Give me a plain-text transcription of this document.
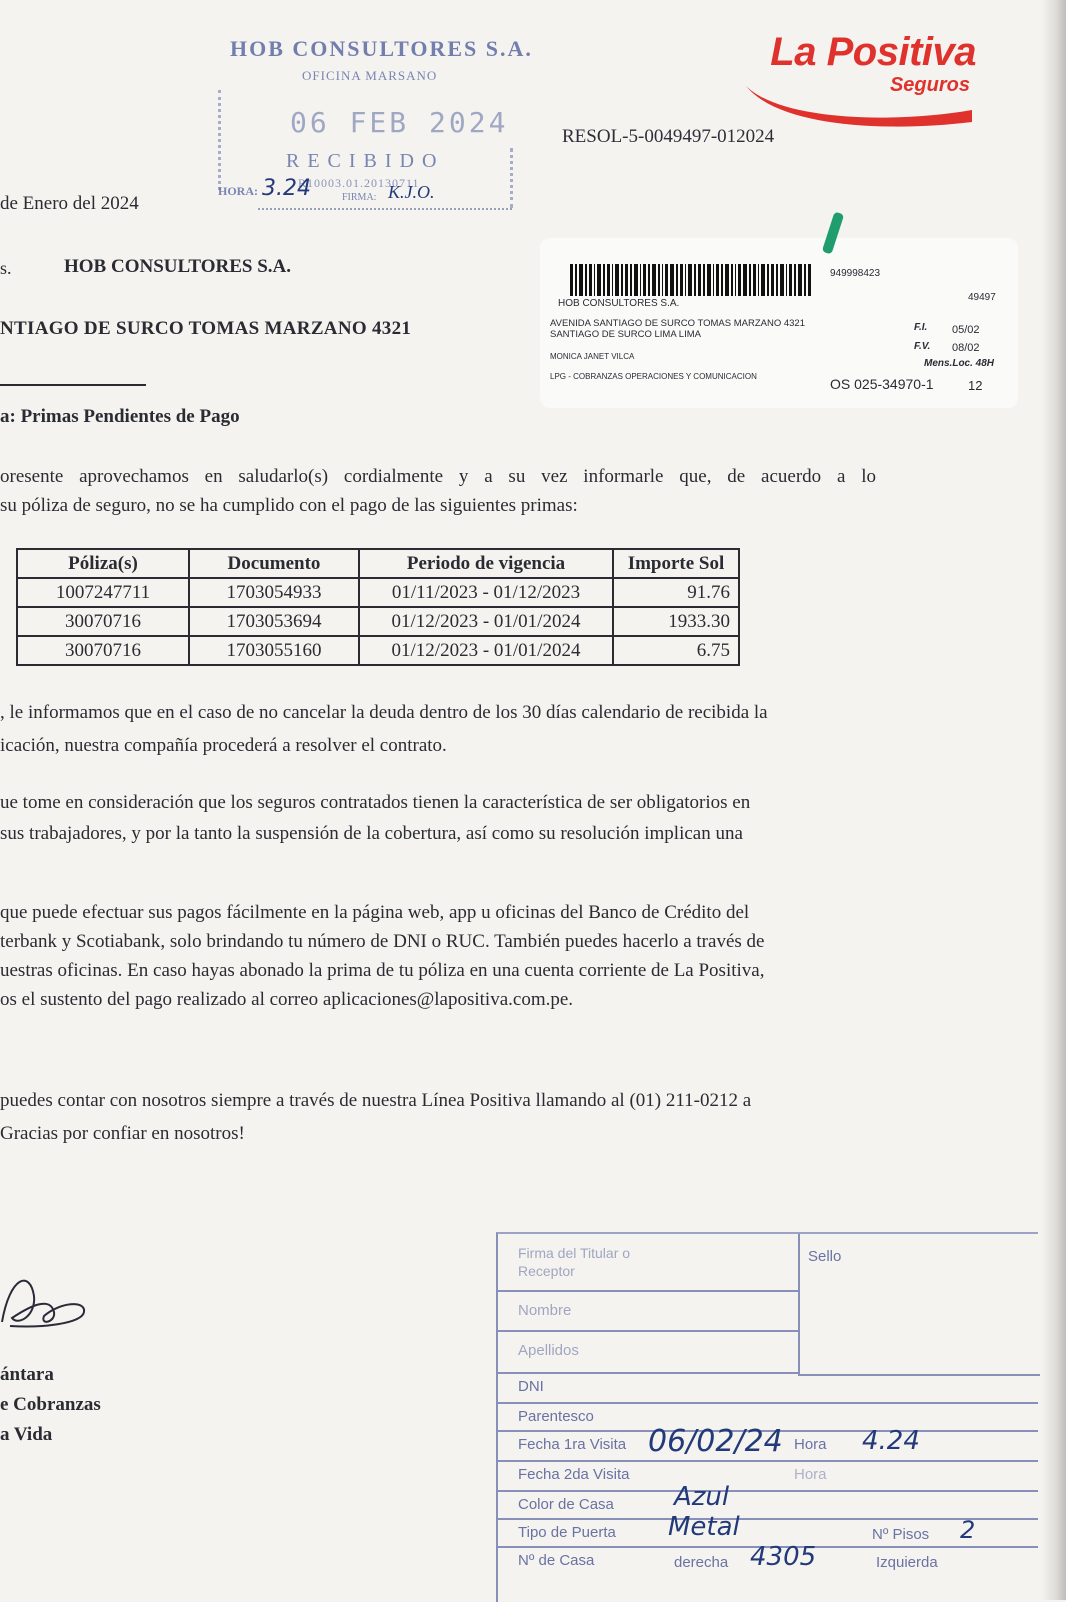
HOB CONSULTORES S.A.
OFICINA MARSANO
06 FEB 2024
RECIBIDO
R10003.01.20130711
HORA: 3.24	FIRMA: K.J.O.
La Positiva
Seguros
RESOL-5-0049497-012024
de Enero del 2024
s.	HOB CONSULTORES S.A.
NTIAGO DE SURCO TOMAS MARZANO 4321
a: Primas Pendientes de Pago
949998423
49497
HOB CONSULTORES S.A.
AVENIDA SANTIAGO DE SURCO TOMAS MARZANO 4321
SANTIAGO DE SURCO LIMA LIMA
F.I. 05/02
F.V. 08/02
Mens.Loc. 48H
MONICA JANET VILCA
LPG - COBRANZAS OPERACIONES Y COMUNICACION	OS 025-34970-1	12
oresente aprovechamos en saludarlo(s) cordialmente y a su vez informarle que, de acuerdo a lo
su póliza de seguro, no se ha cumplido con el pago de las siguientes primas:
Póliza(s)	Documento	Periodo de vigencia	Importe Sol
1007247711	1703054933	01/11/2023 - 01/12/2023	91.76
30070716	1703053694	01/12/2023 - 01/01/2024	1933.30
30070716	1703055160	01/12/2023 - 01/01/2024	6.75
, le informamos que en el caso de no cancelar la deuda dentro de los 30 días calendario de recibida la
icación, nuestra compañía procederá a resolver el contrato.
ue tome en consideración que los seguros contratados tienen la característica de ser obligatorios en
sus trabajadores, y por la tanto la suspensión de la cobertura, así como su resolución implican una
que puede efectuar sus pagos fácilmente en la página web, app u oficinas del Banco de Crédito del
terbank y Scotiabank, solo brindando tu número de DNI o RUC. También puedes hacerlo a través de
uestras oficinas. En caso hayas abonado la prima de tu póliza en una cuenta corriente de La Positiva,
os el sustento del pago realizado al correo aplicaciones@lapositiva.com.pe.
puedes contar con nosotros siempre a través de nuestra Línea Positiva llamando al (01) 211-0212 a
Gracias por confiar en nosotros!
ántara
e Cobranzas
a Vida
Sello
Firma del Titular o Receptor
Nombre
Apellidos
DNI
Parentesco
Fecha 1ra Visita 06/02/24 Hora 4.24
Fecha 2da Visita	Hora
Color de Casa Azul
Tipo de Puerta Metal	Nº Pisos 2
Nº de Casa	derecha 4305	Izquierda
